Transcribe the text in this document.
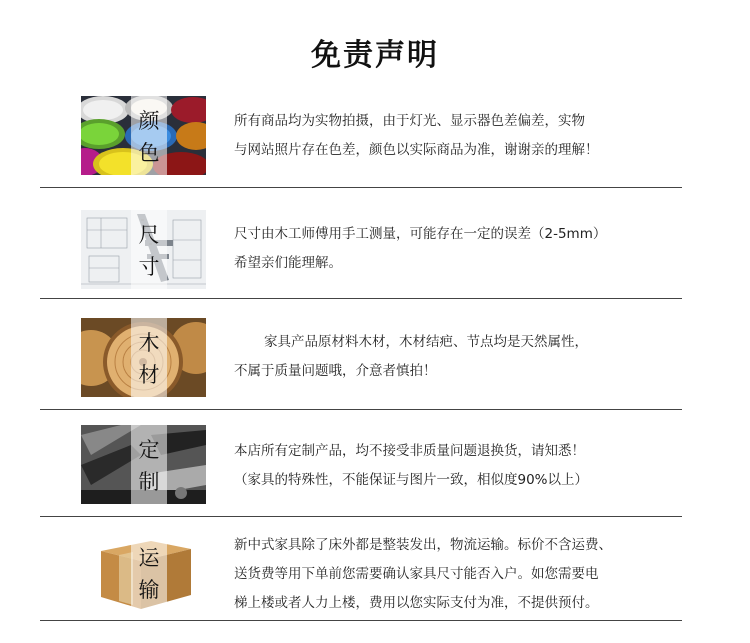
免责声明
颜
色

所有商品均为实物拍摄，由于灯光、显示器色差偏差，实物

与网站照片存在色差，颜色以实际商品为准，谢谢亲的理解！

尺
寸

尺寸由木工师傅用手工测量，可能存在一定的误差（2-5mm）

希望亲们能理解。

木
材

家具产品原材料木材，木材结疤、节点均是天然属性，

不属于质量问题哦，介意者慎拍！

定
制

本店所有定制产品，均不接受非质量问题退换货，请知悉！

（家具的特殊性，不能保证与图片一致，相似度90%以上）

运
输

新中式家具除了床外都是整装发出，物流运输。标价不含运费、

送货费等用下单前您需要确认家具尺寸能否入户。如您需要电

梯上楼或者人力上楼，费用以您实际支付为准，不提供预付。
